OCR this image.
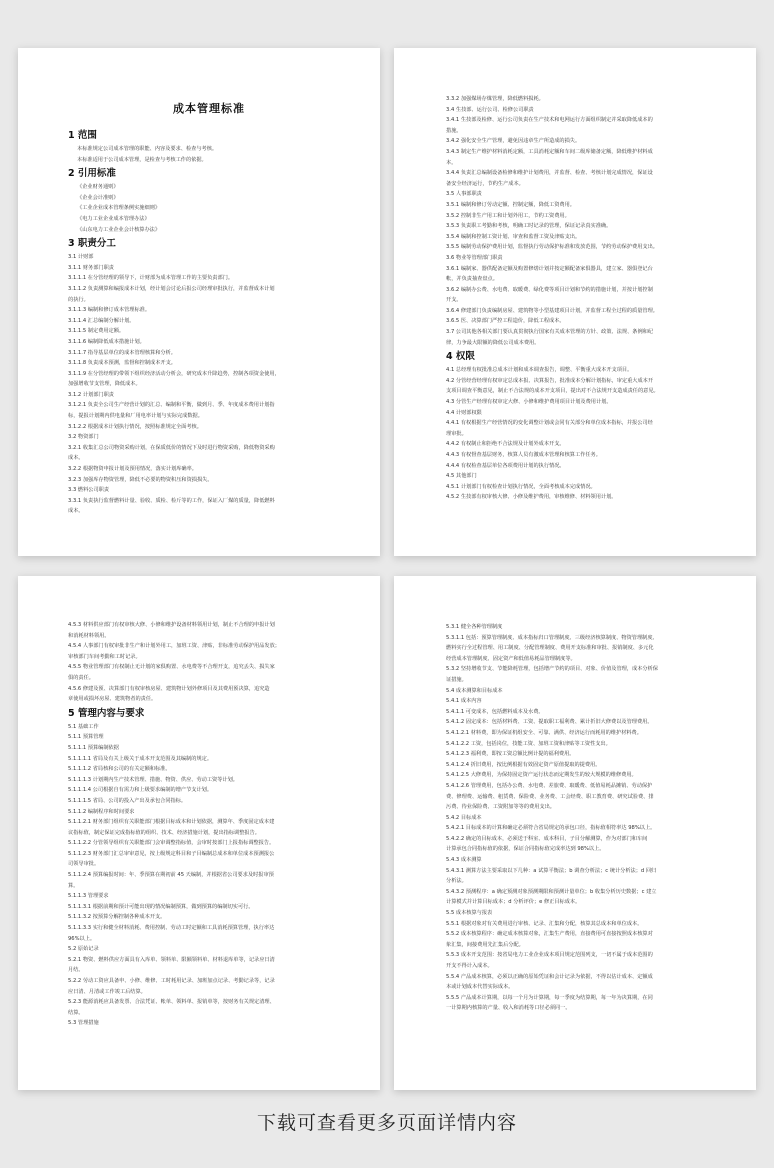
成本管理标准
1 范围
本标准规定公司成本管理的职能、内容及要求、检查与考核。
本标准适用于公司成本管理，是检查与考核工作的依据。
2 引用标准
《企业财务通则》
《企业会计准则》
《工业企业成本管理条例实施细则》
《电力工业企业成本管理办法》
《山东电力工业企业会计核算办法》
3 职责分工
3.1 计财部
3.1.1 财务部门职责
3.1.1.1 在分管经理的领导下，计财部为成本管理工作的主要负责部门。
3.1.1.2 负责测算和编报成本计划，经计划会讨论后报公司经理审批执行，并监督成本计划
的执行。
3.1.1.3 编制和修订成本管理标准。
3.1.1.4 汇总编制分解计划。
3.1.1.5 制定费用定额。
3.1.1.6 编制降低成本措施计划。
3.1.1.7 指导基层单位的成本管理核算和分析。
3.1.1.8 负责成本预测，监督和控制成本开支。
3.1.1.9 在分管经理的带领下组织经济活动分析会，研究成本升降趋势，控制各项资金使用，
加强增收节支管理，降低成本。
3.1.2 计划部门职责
3.1.2.1 负责全公司生产经营计划的汇总、编制和平衡，做到月、季、年度成本费用计划指
标，提报计划期内供电量和厂用电率计划与实际完成数据。
3.1.2.2 根据成本计划执行情况，按照标准规定全面考核。
3.2 物资部门
3.2.1 收集汇总公司物资采购计划，在保质低价的情况下及时进行物资采购，降低物资采购
成本。
3.2.2 根据物资申报计划及预用情况，落实计划库确率。
3.2.3 加强库存物资管理，降低不必要的物资积压和资损损失。
3.3 燃料公司职责
3.3.1 负责执行监督燃料计量、验收、质检、检斤等的工作，保证入厂煤的质量，降低燃料
成本。
3.3.2 加强煤场存煤管理，降低燃料损耗。
3.4 生技部、运行公司、检修公司职责
3.4.1 生技部及检修、运行公司负责在生产技术和电网运行方面组织制定并采取降低成本的
措施。
3.4.2 强化安全生产管理，避免因违章生产所造成的损失。
3.4.3 制定生产维护材料消耗定额，工具消耗定额和车间二级库储备定额，降低维护材料成
本。
3.4.4 负责汇总编制设备检修和维护计划费用，并监督、检查、考核计划完成情况，保证设
备安全经济运行，节约生产成本。
3.5 人事部职责
3.5.1 编制和修订劳动定额、控制定额，降低工资费用。
3.5.2 控制非生产用工和计划外用工，节约工资费用。
3.5.3 负责职工考勤和考核，明确工时记录的管理，保证记录真实准确。
3.5.4 编制和控制工资计划、审查和监督工资及津贴支出。
3.5.5 编制劳动保护费用计划，监督执行劳动保护标准和发放范围，节约劳动保护费用支出。
3.6 物业等管理部门职责
3.6.1 编制家、器供配备定额及购置修缮计划并按定额配备家俱器具，建立家、器俱登记台
帐，并负责抽查盘点。
3.6.2 编制办公费、水电费、取暖费、绿化费等项目计划和节约的措施计划，并按计划控制
开支。
3.6.4 修建部门负责编制房屋、建筑物等小型基建项目计划，并监督工程全过程的质量管理。
3.6.5 医、决算部门严控工程造价，降低工程成本。
3.7 公司其他各相关部门要认真贯彻执行国家有关成本管理的方针、政策、法规、条例和纪
律，力争最大限额的降低公司成本费用。
4 权限
4.1 总经理有权批准总成本计划和成本调查报告，调整、平衡重大成本开支项目。
4.2 分管经营经理有权审定总成本报、决算报告，批准成本分解计划指标，审定重大成本开
支项目调查平衡意见，制止不合法规的成本开支项目，提出对不合法规开支造成责任的意见。
4.3 分管生产经理有权审定大修、小修和维护费用项目计划及费用计划。
4.4 计财部权限
4.4.1 有权根据生产经营情况的变化调整计划或会同有关部分和单位成本指标，并报公司经
理审批。
4.4.2 有权制止和拒绝不合法规及计划外成本开支。
4.4.3 有权督查基层财务，核算人员有激成本管理和核算工作任务。
4.4.4 有权检查基层单位各项费用计划的执行情况。
4.5 其他部门
4.5.1 计划部门有权检查计划执行情况，全面考核成本完成情况。
4.5.2 生技部有权审核大修、小修及维护费用，审核维修、材料领用计划。
4.5.3 材料供应部门有权审核大修、小修和维护设备材料领用计划，制止不合理的申报计划
和消耗材料领用。
4.5.4 人事部门有权审批非生产和计划外用工，加班工资、津贴，非标准劳动保护用品发放；
审核部门车间考勤和工时记录。
4.5.5 物业管理部门有权制止无计划的家俱购置、水电费等不合理开支，追究丢失、损失家
俱的责任。
4.5.6 修建及预、决算部门有权审核房屋、建筑物计划外修项目及其费用预决算，追究造
章使用或损坏房屋、建筑物者的责任。
5 管理内容与要求
5.1 基础工作
5.1.1 预算管理
5.1.1.1 预算编制依据
5.1.1.1.1 省局及有关上级关于成本开支范围及其编制的规定。
5.1.1.1.2 省局核和公司的有关定额和标准。
5.1.1.1.3 计划期内生产技术管理、措施、物资、供应、劳动工资等计划。
5.1.1.1.4 公司根据自有需力和上级要求编制的增产节支计划。
5.1.1.1.5 省局、公司的投入产出及承包合同指标。
5.1.1.2 编制程序和时间要求
5.1.1.2.1 财务部门组织有关职能部门根据目标成本和计划依据，测算年、季度固定成本建
议指标值，制定保证完成指标值的组织、技术、经济措施计划，提出指标调整报告。
5.1.1.2.2 分管领导组织有关职能部门会审调整指标值，会审时按部门上报指标调整报告。
5.1.1.2.3 财务部门汇总审审意见，按上级规定科目和子目编制总成本和单位成本预测报公
司领导审批。
5.1.1.2.4 预算编报时间：年、季预算在期初前 45 天编制，并根据省公司要求及时报审预
算。
5.1.1.3 管理要求
5.1.1.3.1 根据前期和预计可能出现的情况编制预算，做到预算的编制切实可行。
5.1.1.3.2 按预算分解控制各种成本开支。
5.1.1.3.3 实行和健全材料消耗、费用控制、劳动工时定额和工具消耗预算管理，执行率达
96%以上。
5.2 原始记录
5.2.1 物资、燃料供应方面具有入库单、领料单、限额领料单、材料退库单等，记录应日清
月结。
5.2.2 劳动工资应具备申、小修、维修、工时耗用记录、加班加点记录、考勤记录等，记录
应日清、月清或工作竣工后结算。
5.2.3 能源消耗应具备发票、合法凭证、帐单、领料单、报销单等，按财务有关规定清理、
结算。
5.3 管理措施
5.3.1 健全各种管理制度
5.3.1.1 包括：预算管理制度、成本指标归口管理制度、三级经济核算制度、物资管理制度、
燃料实行全过程管理、用工制度、分配管理制度、费用开支标准和审批、报销制度、多元化
经营成本管理制度、固定资产和低值易耗品管理制度等。
5.3.2 坚持增收节支、节能降耗管理，包括增产节约的项目、对象、价值及管理，成本分析保
证措施。
5.4 成本测算和目标成本
5.4.1 成本内容
5.4.1.1 可变成本，包括燃料成本及水费。
5.4.1.2 固定成本：包括材料费、工资、提取职工福利费、累计折旧大修费以及管理费用。
5.4.1.2.1 材料费，即为保证机组安全、可靠、满供、经济运行而耗用的维护材料费。
5.4.1.2.2 工资，包括岗位，技能工资、加班工资和津贴等工资性支出。
5.4.1.2.3 福利费，即按工资总额比例计提的福利费用。
5.4.1.2.4 折旧费用，按比例根据有效固定资产原值提取的提费用。
5.4.1.2.5 大修费用，为保持固定资产运行状态而定期发生的较大规模的维修费用。
5.4.1.2.6 管理费用，包括办公费、水电费、差旅费、取暖费、低值易耗品摊销、劳动保护
费、修理费、运输费、租赁费、保险费、业务费、工会经费、职工教育费、研究试验费、排
污费、待业保险费、工资附加等等的费用支出。
5.4.2 目标成本
5.4.2.1 目标成本的计算和确定必须符合省局规定的承包口径，指标值相符率达 98%以上。
5.4.2.2 确定的目标成本，必须送于科室、成本科目，子目分解测算，作为对部门和车间
计算承包合同指标值的依据，保证合同指标值完成率达到 98%以上。
5.4.3 成本测算
5.4.3.1 测算方法主要采取以下几种：a 试算平衡法；b 调查分析法；c 统计分析法；d 回归
分析法。
5.4.3.2 预测程序：a 确定预测对象预测期限和预测计量单位；b 收集分析历史数据；c 建立
计算模式并计算目标成本；d 分析评价；e 修正目标成本。
5.5 成本核算与报表
5.5.1 根据对象对有关费用进行审核、记录、汇集和分配，核算其总成本和单位成本。
5.5.2 成本核算程序：确定成本核算对象，汇集生产费用，直接费用可直接按照成本核算对
象汇集，间接费用先汇集后分配。
5.5.3 成本开支范围：按省局电力工业企业成本项目规定范围列支，一切不属于成本范围的
开支不得计入成本。
5.5.4 产品成本核算，必须以正确的原始凭证和会计记录为依据，不得以估计成本、定额成
本或计划成本代替实际成本。
5.5.5 产品成本计算期，以每一个月为计算期，每一季度为结算期，每一年为决算期，在同
一计算期内核算的产量、收入和消耗等口径必须同一。
下载可查看更多页面详情内容
